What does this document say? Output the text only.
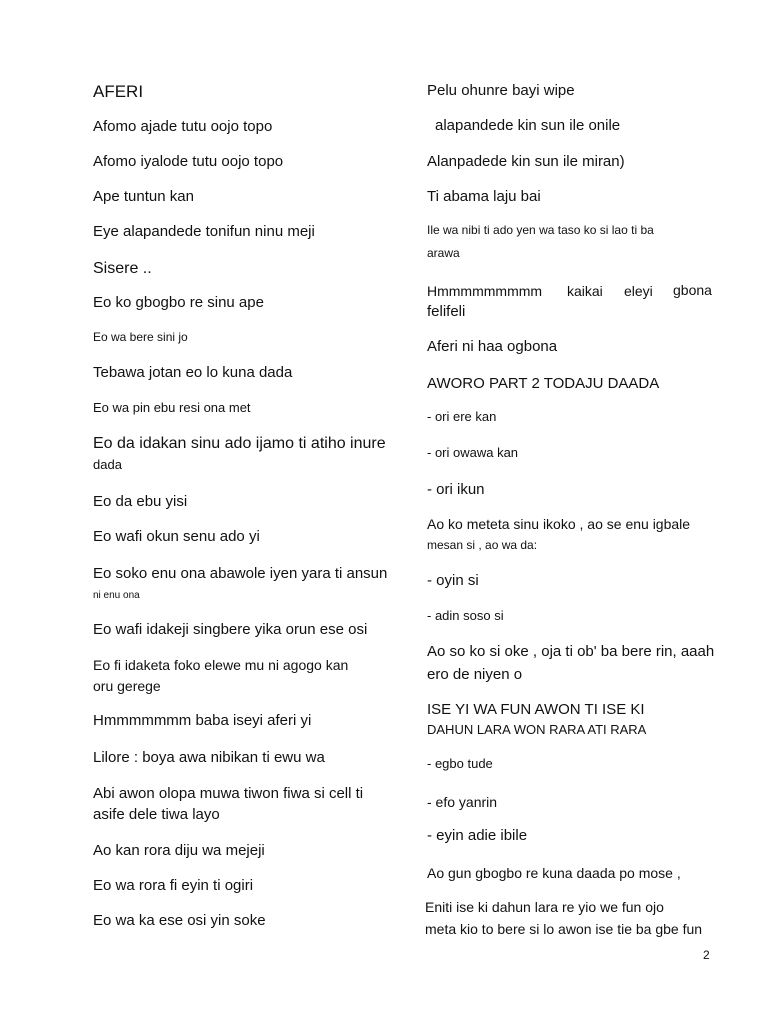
AFERI
Afomo ajade tutu oojo topo
Afomo iyalode tutu oojo topo
Ape tuntun kan
Eye alapandede tonifun ninu meji
Sisere ..
Eo ko gbogbo re sinu ape
Eo wa bere sini jo
Tebawa jotan eo lo kuna dada
Eo wa pin ebu resi ona met
Eo da idakan sinu ado ijamo ti atiho inure
dada
Eo da ebu yisi
Eo wafi okun senu ado yi
Eo soko enu ona abawole iyen yara ti ansun
ni enu ona
Eo wafi idakeji singbere yika orun ese osi
Eo fi idaketa foko elewe mu ni agogo kan
oru gerege
Hmmmmmmm baba iseyi aferi yi
Lilore : boya awa nibikan ti ewu wa
Abi awon olopa muwa tiwon fiwa si cell ti
asife dele tiwa layo
Ao kan rora diju wa mejeji
Eo wa rora fi eyin ti ogiri
Eo wa ka ese osi yin soke
Pelu ohunre bayi wipe
alapandede kin sun ile onile
Alanpadede kin sun ile miran)
Ti abama laju bai
Ile wa nibi ti ado yen wa taso ko si lao ti ba
arawa
Hmmmmmmmmm kaikai eleyi gbona
felifeli
Aferi ni haa ogbona
AWORO PART 2 TODAJU DAADA
- ori ere kan
- ori owawa kan
- ori ikun
Ao ko meteta sinu ikoko , ao se enu igbale
mesan si , ao wa da:
- oyin si
- adin soso si
Ao so ko si oke , oja ti ob' ba bere rin, aaah
ero de niyen o
ISE YI WA FUN AWON TI ISE KI
DAHUN LARA WON RARA ATI RARA
- egbo tude
- efo yanrin
- eyin adie ibile
Ao gun gbogbo re kuna daada po mose ,
Eniti ise ki dahun lara re yio we fun ojo
meta kio to bere si lo awon ise tie ba gbe fun
2
